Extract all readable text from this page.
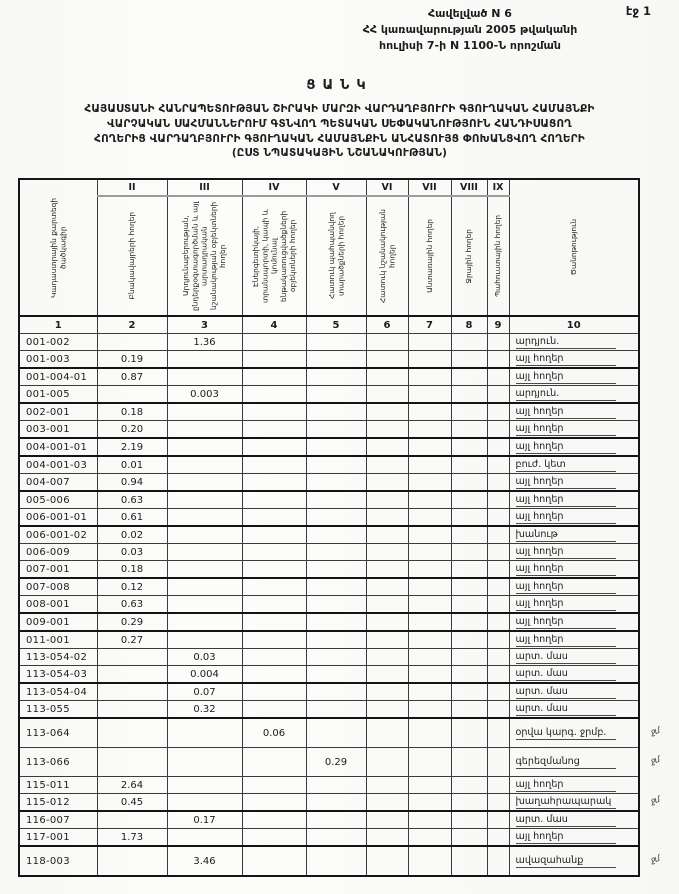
էջ 1
Հավելված N 6
ՀՀ կառավարության 2005 թվականի
հուլիսի 7-ի N 1100-Ն որոշման
ՑԱՆԿ
ՀԱՅԱՍՏԱՆԻ ՀԱՆՐԱՊԵՏՈՒԹՅԱՆ ՇԻՐԱԿԻ ՄԱՐԶԻ ՎԱՐԴԱՂԲՅՈՒՐԻ ԳՅՈՒՂԱԿԱՆ ՀԱՄԱՅՆՔԻ
ՎԱՐՉԱԿԱՆ ՍԱՀՄԱՆՆԵՐՈՒՄ ԳՏՆՎՈՂ ՊԵՏԱԿԱՆ ՍԵՓԱԿԱՆՈՒԹՅՈՒՆ ՀԱՆԴԻՍԱՑՈՂ
ՀՈՂԵՐԻՑ ՎԱՐԴԱՂԲՅՈՒՐԻ ԳՅՈՒՂԱԿԱՆ ՀԱՄԱՅՆՔԻՆ ԱՆՀԱՏՈՒՅՑ ՓՈԽԱՆՑՎՈՂ ՀՈՂԵՐԻ
(ԸՍՏ ՆՊԱՏԱԿԱՅԻՆ ՆՇԱՆԱԿՈՒԹՅԱՆ)
Կադաստրային քարտեզի ծածկագիր	II	III	IV	V	VI	VII	VIII	IX	Ծանոթություն

	Բնակավայրերի հողեր	Արդյունաբերության, ընդերքօգտագործման և այլ արտադրական նշանակության օբյեկտների հողեր	Էներգետիկայի, տրանսպորտի, կապի և կոմունալ ենթակառուցվածքների օբյեկտների հողեր	Հատուկ պահպանվող տարածքների հողեր	Հատուկ նշանակության հողեր	Անտառային հողեր	Ջրային հողեր	Պահուստային հողեր	

1	2	3	4	5	6	7	8	9	10
001-002		1.36							արդյուն.
001-003	0.19								այլ հողեր
001-004-01	0.87								այլ հողեր
001-005		0.003							արդյուն.
002-001	0.18								այլ հողեր
003-001	0.20								այլ հողեր
004-001-01	2.19								այլ հողեր
004-001-03	0.01								բուժ. կետ
004-007	0.94								այլ հողեր
005-006	0.63								այլ հողեր
006-001-01	0.61								այլ հողեր
006-001-02	0.02								խանութ
006-009	0.03								այլ հողեր
007-001	0.18								այլ հողեր
007-008	0.12								այլ հողեր
008-001	0.63								այլ հողեր
009-001	0.29								այլ հողեր
011-001	0.27								այլ հողեր
113-054-02		0.03							արտ. մաս
113-054-03		0.004							արտ. մաս
113-054-04		0.07							արտ. մաս
113-055		0.32							արտ. մաս
113-064			0.06						օրվա կարգ. ջրմբ. ջմ

113-066				0.29					գերեզմանոց ջմ

115-011	2.64								այլ հողեր
115-012	0.45								խաղահրապարակ ջմ

116-007		0.17							արտ. մաս
117-001	1.73								այլ հողեր
118-003		3.46							ավազահանք ջմ
